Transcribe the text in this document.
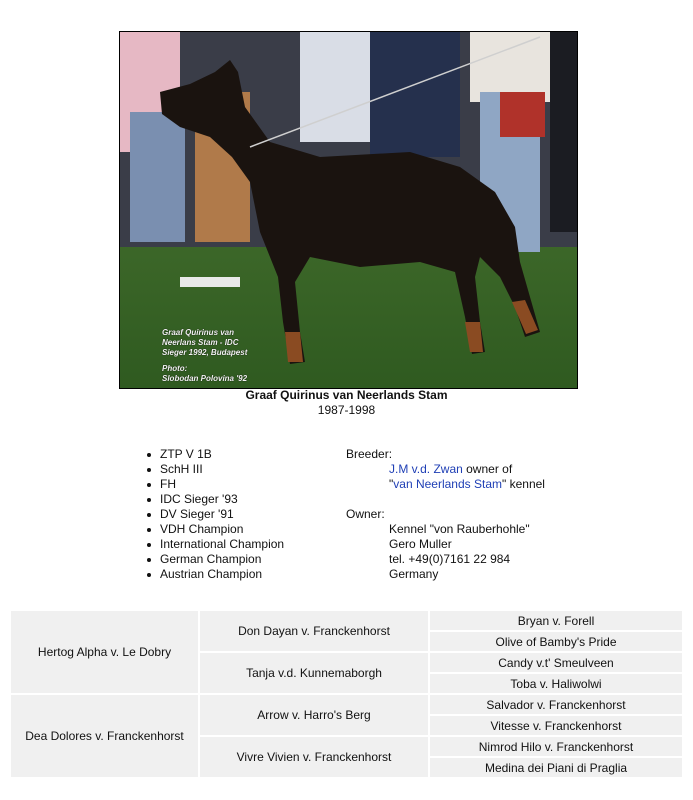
Graaf Quirinus van
Neerlans Stam - IDC
Sieger 1992, Budapest
Photo:
Slobodan Polovina '92
Graaf Quirinus van Neerlands Stam
1987-1998
ZTP V 1B
SchH III
FH
IDC Sieger '93
DV Sieger '91
VDH Champion
International Champion
German Champion
Austrian Champion
Breeder:
J.M v.d. Zwan owner of
"van Neerlands Stam" kennel
Owner:
Kennel "von Rauberhohle"
Gero Muller
tel. +49(0)7161 22 984
Germany
Hertog Alpha v. Le Dobry	Don Dayan v. Franckenhorst	Bryan v. Forell
		Olive of Bamby's Pride
	Tanja v.d. Kunnemaborgh	Candy v.t' Smeulveen
		Toba v. Haliwolwi
Dea Dolores v. Franckenhorst	Arrow v. Harro's Berg	Salvador v. Franckenhorst
		Vitesse v. Franckenhorst
	Vivre Vivien v. Franckenhorst	Nimrod Hilo v. Franckenhorst
		Medina dei Piani di Praglia
